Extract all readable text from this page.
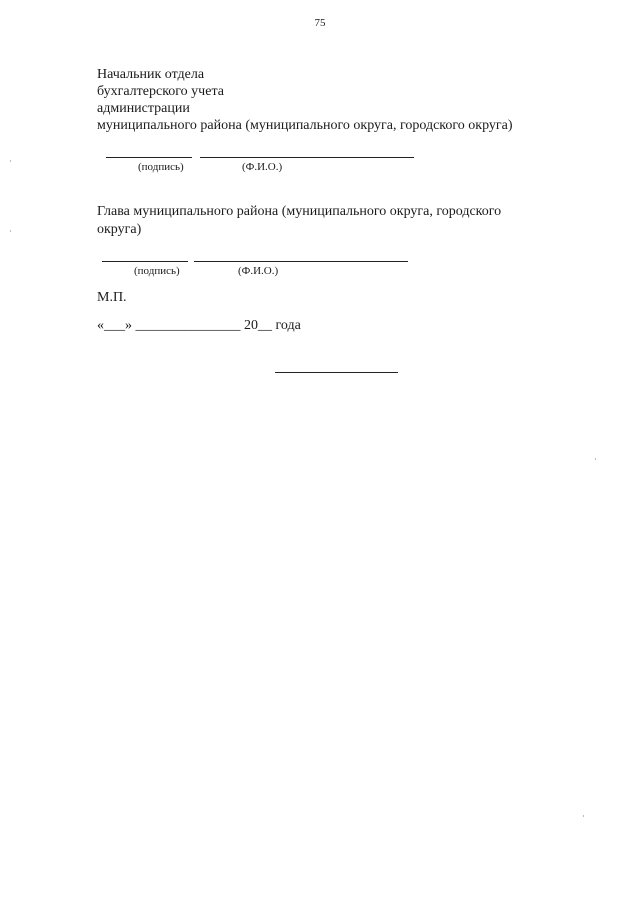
75
Начальник отдела
бухгалтерского учета
администрации
муниципального района (муниципального округа, городского округа)
(подпись)	(Ф.И.О.)
Глава муниципального района (муниципального округа, городского
округа)
(подпись)	(Ф.И.О.)
М.П.
«___» _______________ 20__ года
